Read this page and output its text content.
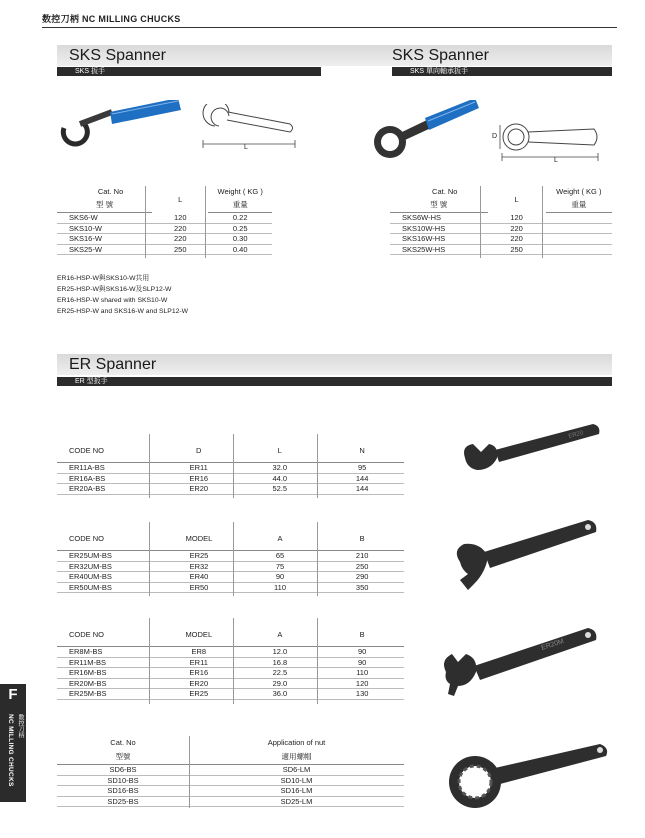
数控刀柄 NC MILLING CHUCKS
SKS Spanner	SKS Spanner
SKS 扳手	SKS 單向軸承扳手
L
D
L
Cat. No	L	Weight ( KG )
型 號		重量
SKS6-W	120	0.22
SKS10-W	220	0.25
SKS16-W	220	0.30
SKS25-W	250	0.40
Cat. No	L	Weight ( KG )
型 號		重量
SKS6W-HS	120	
SKS10W-HS	220	
SKS16W-HS	220	
SKS25W-HS	250	
ER16-HSP-W與SKS10-W共用
ER25-HSP-W與SKS16-W及SLP12-W
ER16-HSP-W shared with SKS10-W
ER25-HSP-W and SKS16-W and SLP12-W
ER Spanner
ER 型扳手
CODE NO	D	L	N
ER11A-BS	ER11	32.0	95
ER16A-BS	ER16	44.0	144
ER20A-BS	ER20	52.5	144
CODE NO	MODEL	A	B
ER25UM-BS	ER25	65	210
ER32UM-BS	ER32	75	250
ER40UM-BS	ER40	90	290
ER50UM-BS	ER50	110	350
CODE NO	MODEL	A	B
ER8M-BS	ER8	12.0	90
ER11M-BS	ER11	16.8	90
ER16M-BS	ER16	22.5	110
ER20M-BS	ER20	29.0	120
ER25M-BS	ER25	36.0	130
Cat. No	Application of nut
型號	適用螺帽
SD6-BS	SD6-LM
SD10-BS	SD10-LM
SD16-BS	SD16-LM
SD25-BS	SD25-LM
ER20
ER20M
F
NC MILLING CHUCKS 數控刀柄
